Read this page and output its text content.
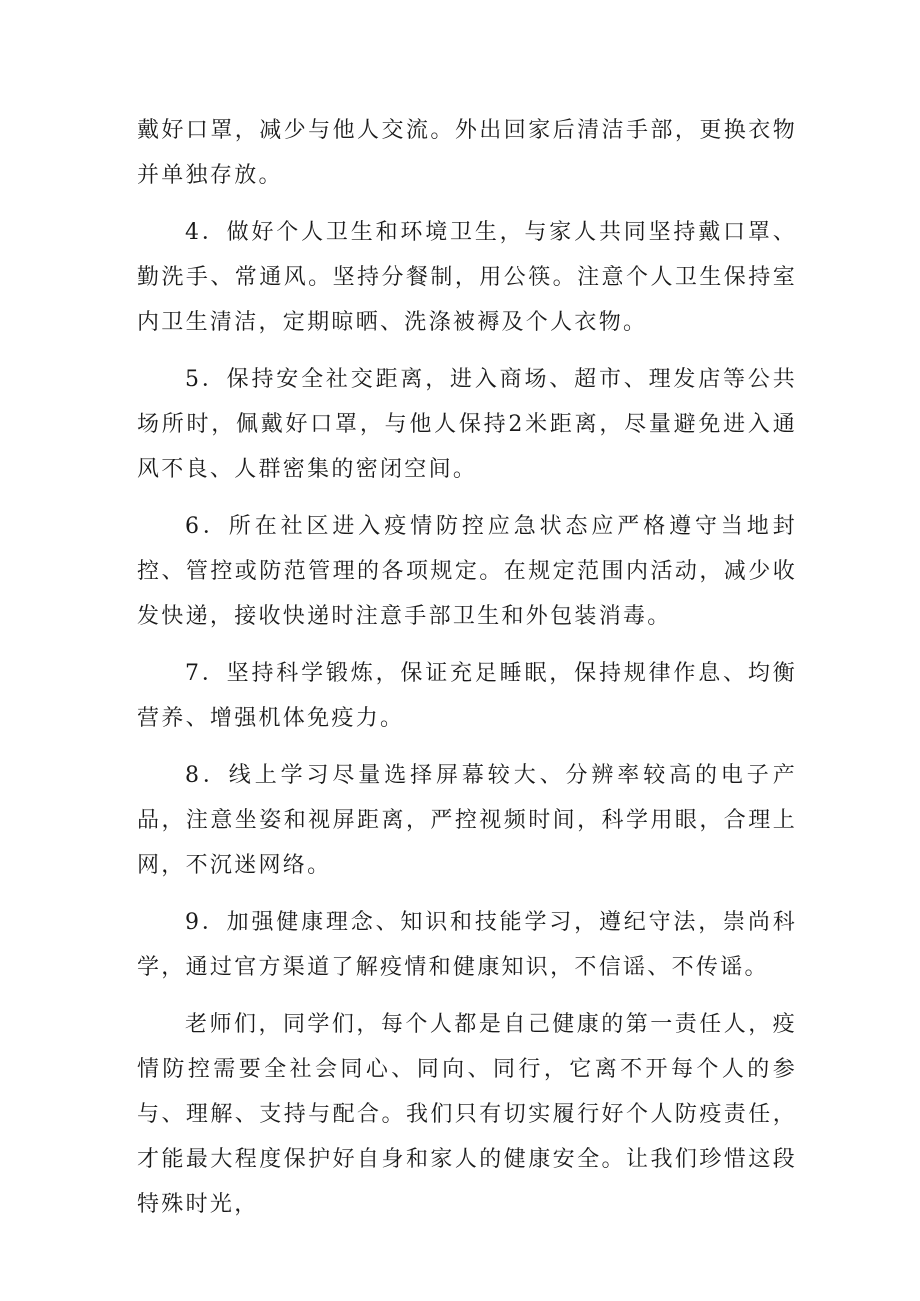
戴好口罩，减少与他人交流。外出回家后清洁手部，更换衣物并单独存放。

4．做好个人卫生和环境卫生，与家人共同坚持戴口罩、勤洗手、常通风。坚持分餐制，用公筷。注意个人卫生保持室内卫生清洁，定期晾晒、洗涤被褥及个人衣物。

5．保持安全社交距离，进入商场、超市、理发店等公共场所时，佩戴好口罩，与他人保持2米距离，尽量避免进入通风不良、人群密集的密闭空间。

6．所在社区进入疫情防控应急状态应严格遵守当地封控、管控或防范管理的各项规定。在规定范围内活动，减少收发快递，接收快递时注意手部卫生和外包装消毒。

7．坚持科学锻炼，保证充足睡眠，保持规律作息、均衡营养、增强机体免疫力。

8．线上学习尽量选择屏幕较大、分辨率较高的电子产品，注意坐姿和视屏距离，严控视频时间，科学用眼，合理上网，不沉迷网络。

9．加强健康理念、知识和技能学习，遵纪守法，崇尚科学，通过官方渠道了解疫情和健康知识，不信谣、不传谣。

老师们，同学们，每个人都是自己健康的第一责任人，疫情防控需要全社会同心、同向、同行，它离不开每个人的参与、理解、支持与配合。我们只有切实履行好个人防疫责任，才能最大程度保护好自身和家人的健康安全。让我们珍惜这段特殊时光，
